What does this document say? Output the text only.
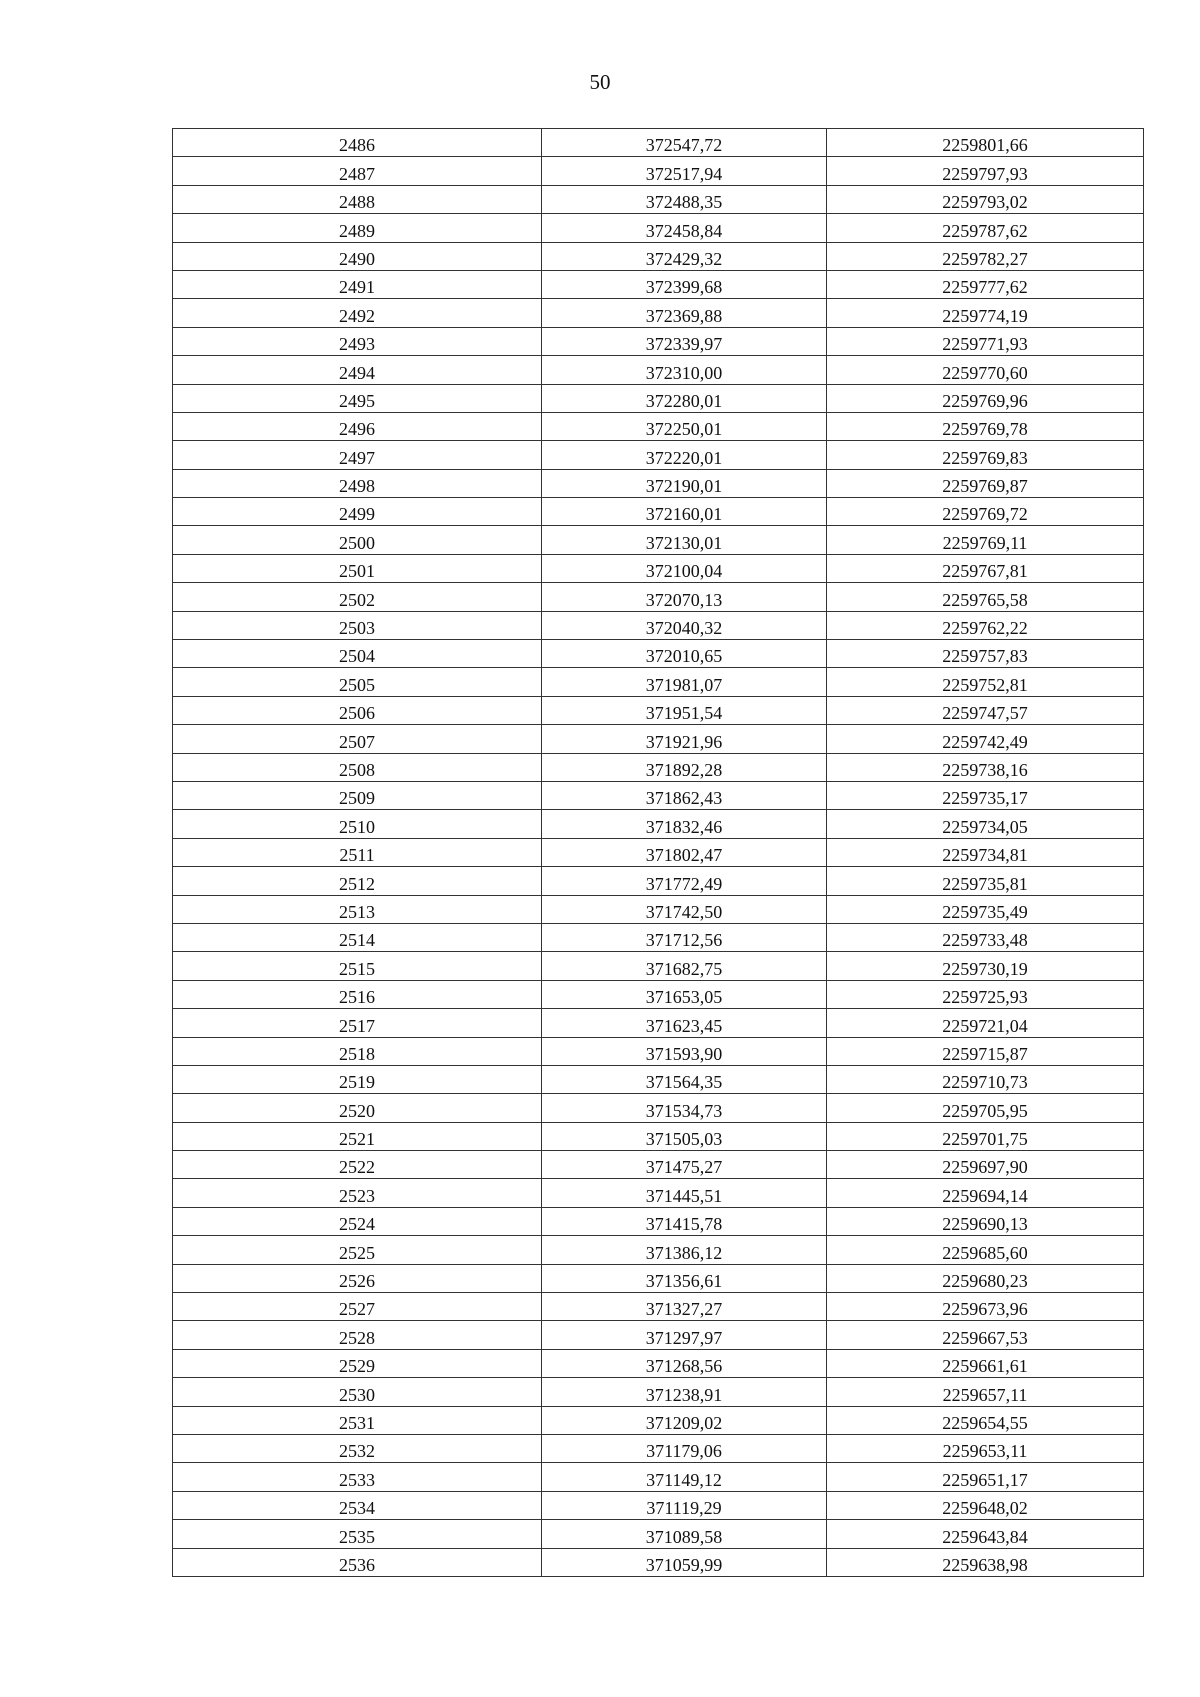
50
2486	372547,72	2259801,66
2487	372517,94	2259797,93
2488	372488,35	2259793,02
2489	372458,84	2259787,62
2490	372429,32	2259782,27
2491	372399,68	2259777,62
2492	372369,88	2259774,19
2493	372339,97	2259771,93
2494	372310,00	2259770,60
2495	372280,01	2259769,96
2496	372250,01	2259769,78
2497	372220,01	2259769,83
2498	372190,01	2259769,87
2499	372160,01	2259769,72
2500	372130,01	2259769,11
2501	372100,04	2259767,81
2502	372070,13	2259765,58
2503	372040,32	2259762,22
2504	372010,65	2259757,83
2505	371981,07	2259752,81
2506	371951,54	2259747,57
2507	371921,96	2259742,49
2508	371892,28	2259738,16
2509	371862,43	2259735,17
2510	371832,46	2259734,05
2511	371802,47	2259734,81
2512	371772,49	2259735,81
2513	371742,50	2259735,49
2514	371712,56	2259733,48
2515	371682,75	2259730,19
2516	371653,05	2259725,93
2517	371623,45	2259721,04
2518	371593,90	2259715,87
2519	371564,35	2259710,73
2520	371534,73	2259705,95
2521	371505,03	2259701,75
2522	371475,27	2259697,90
2523	371445,51	2259694,14
2524	371415,78	2259690,13
2525	371386,12	2259685,60
2526	371356,61	2259680,23
2527	371327,27	2259673,96
2528	371297,97	2259667,53
2529	371268,56	2259661,61
2530	371238,91	2259657,11
2531	371209,02	2259654,55
2532	371179,06	2259653,11
2533	371149,12	2259651,17
2534	371119,29	2259648,02
2535	371089,58	2259643,84
2536	371059,99	2259638,98
